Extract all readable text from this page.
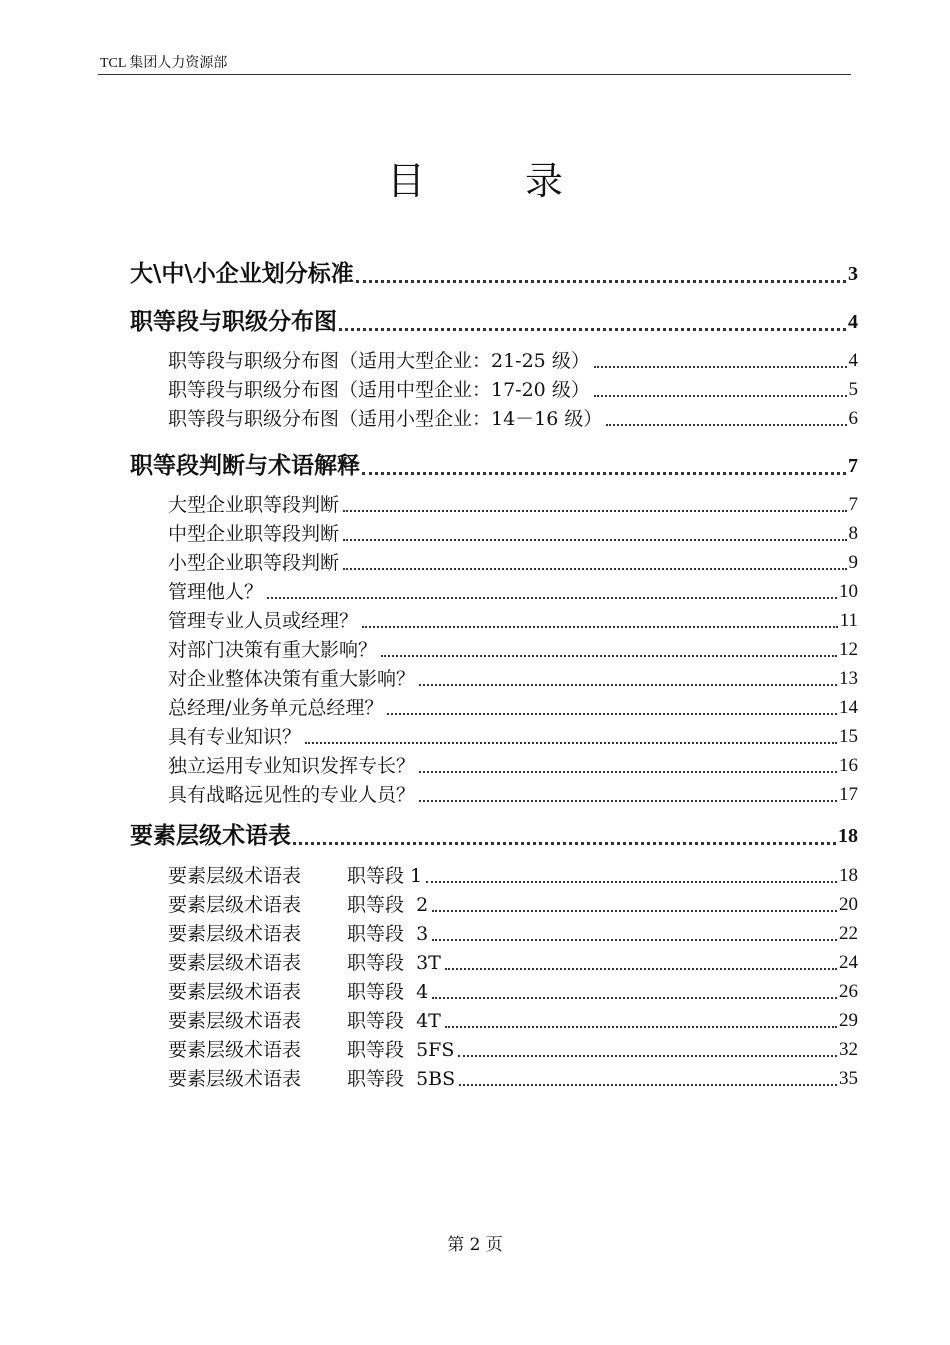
TCL 集团人力资源部
目 录
大\中\小企业划分标准	3
职等段与职级分布图	4
职等段与职级分布图（适用大型企业：21-25 级）	4
职等段与职级分布图（适用中型企业：17-20 级）	5
职等段与职级分布图（适用小型企业：14－16 级）	6
职等段判断与术语解释	7
大型企业职等段判断	7
中型企业职等段判断	8
小型企业职等段判断	9
管理他人？	10
管理专业人员或经理？	11
对部门决策有重大影响？	12
对企业整体决策有重大影响？	13
总经理/业务单元总经理？	14
具有专业知识？	15
独立运用专业知识发挥专长？	16
具有战略远见性的专业人员？	17
要素层级术语表	18
要素层级术语表 职等段 1	18
要素层级术语表 职等段  2	20
要素层级术语表 职等段  3	22
要素层级术语表 职等段  3T	24
要素层级术语表 职等段  4	26
要素层级术语表 职等段  4T	29
要素层级术语表 职等段  5FS	32
要素层级术语表 职等段  5BS	35
第 2 页
